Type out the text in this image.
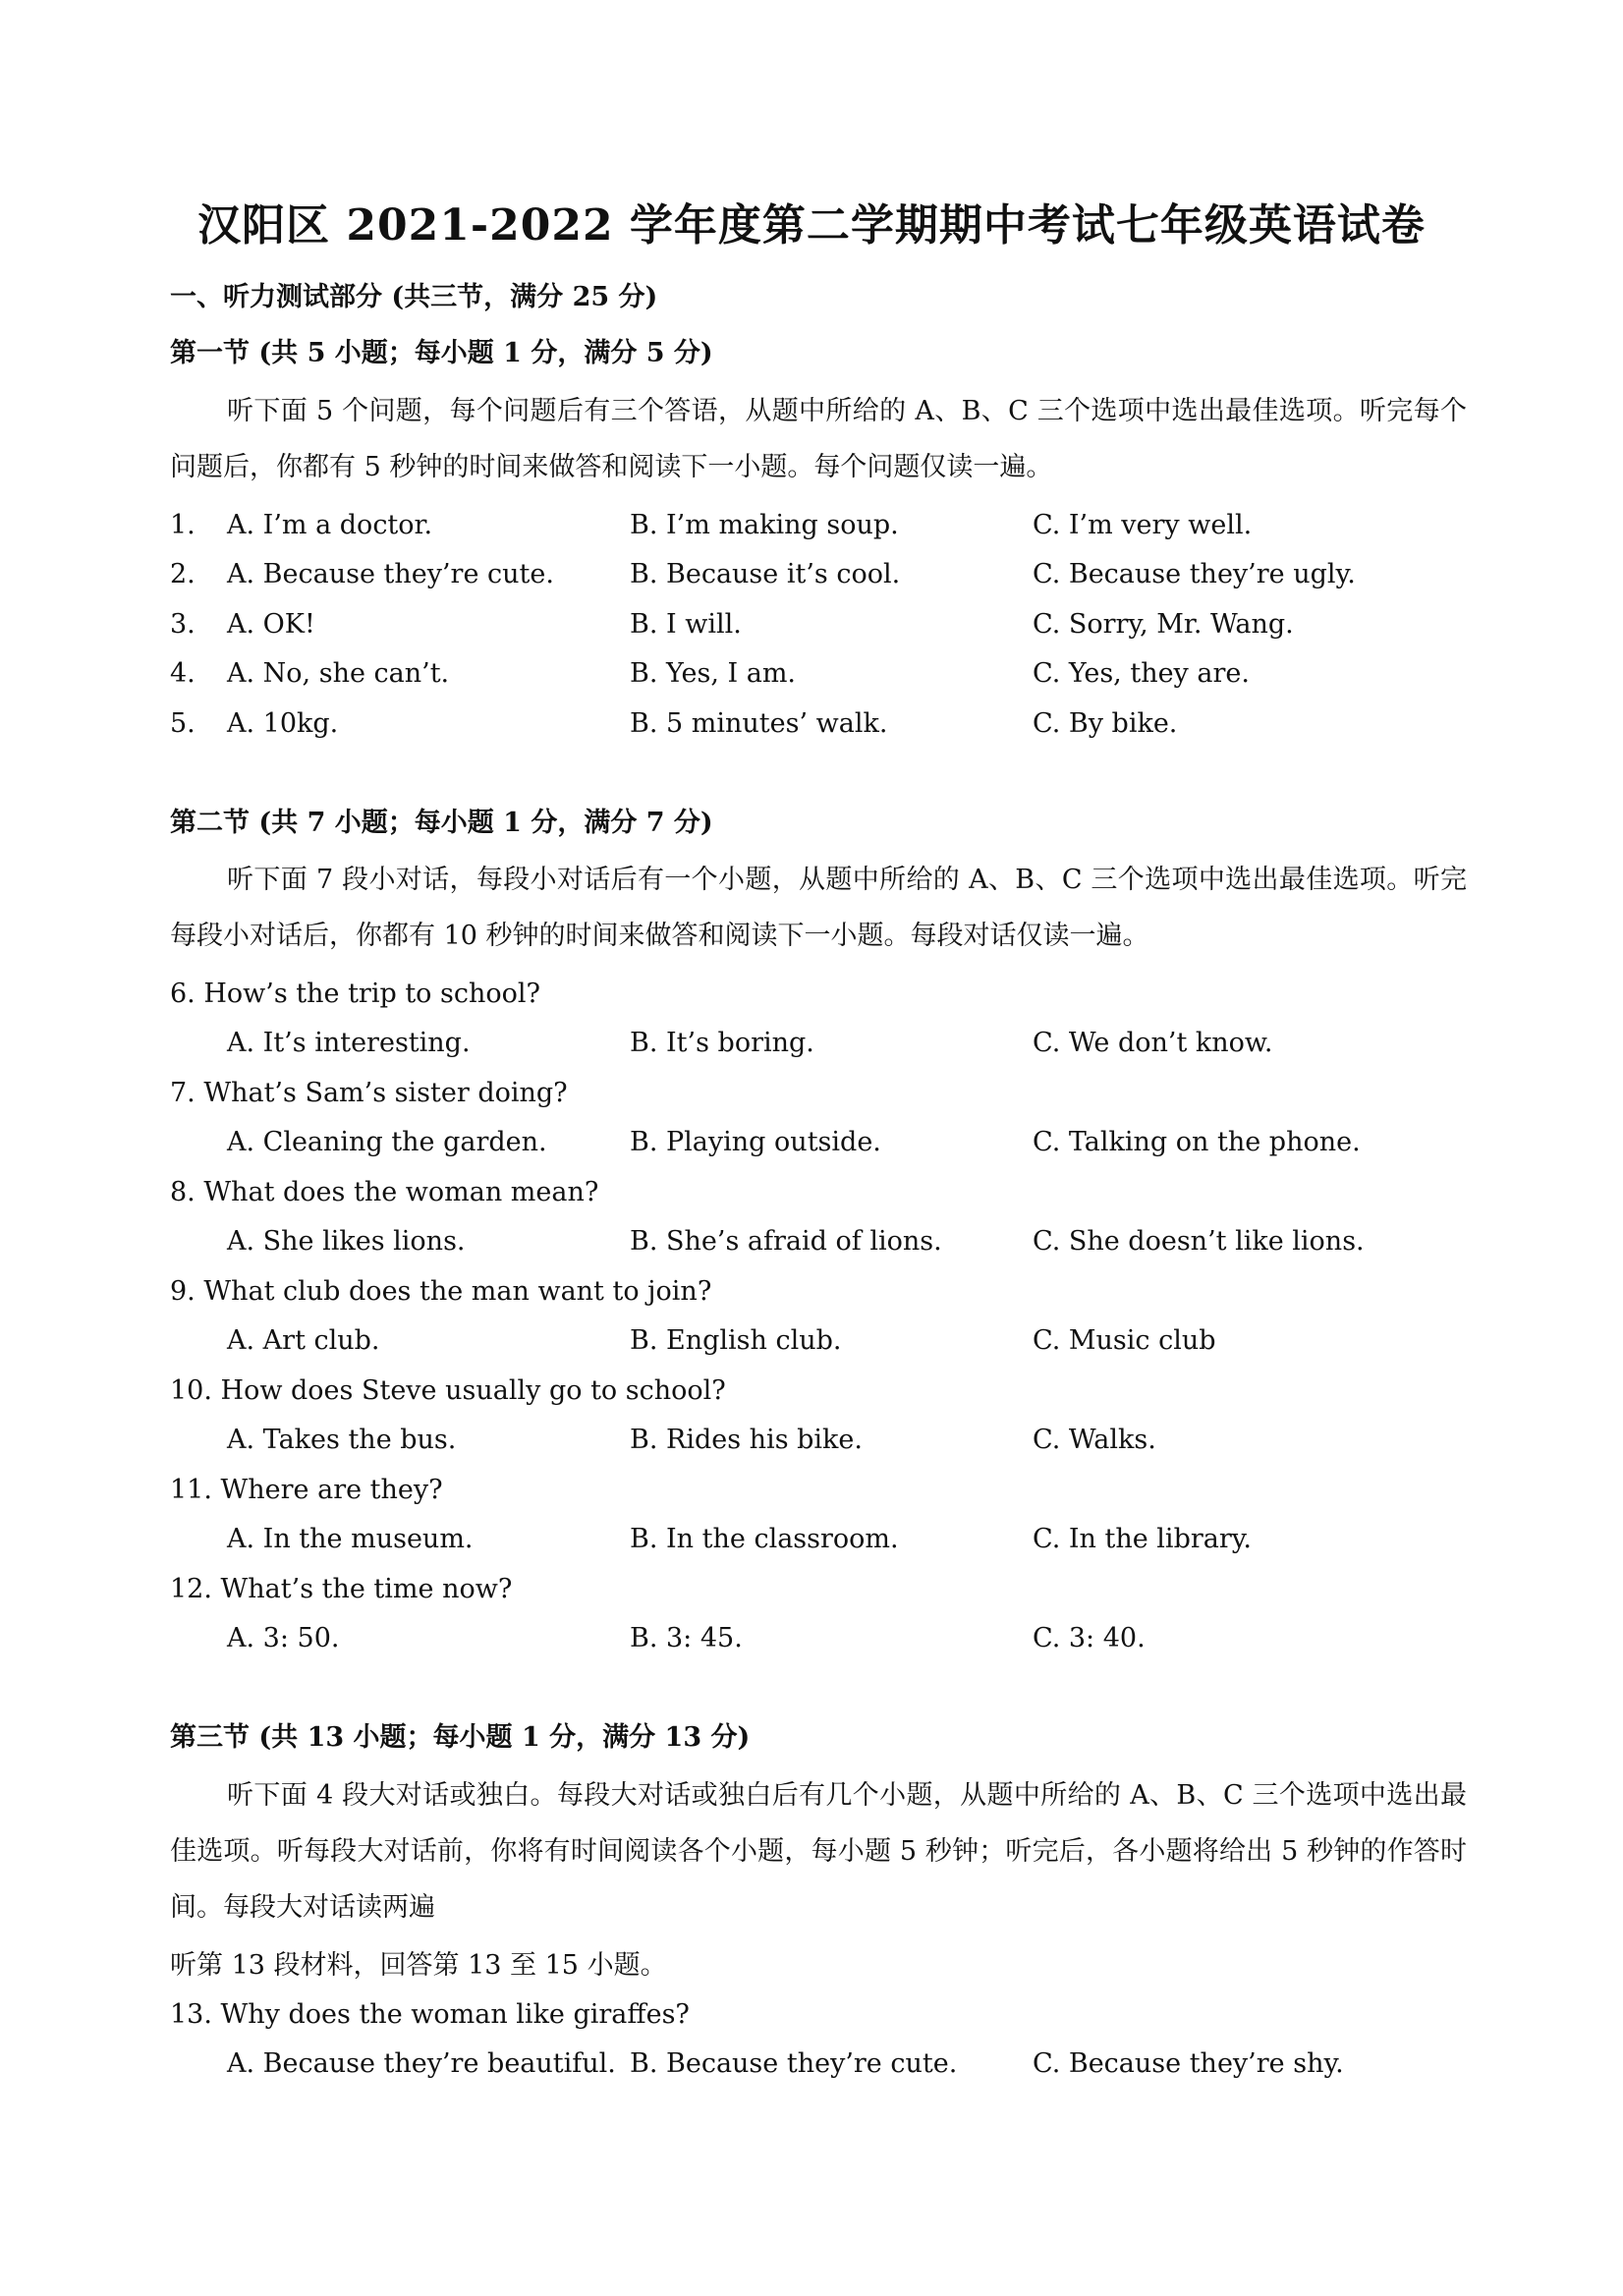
汉阳区 2021-2022 学年度第二学期期中考试七年级英语试卷
一、听力测试部分 (共三节，满分 25 分)
第一节 (共 5 小题；每小题 1 分，满分 5 分)
听下面 5 个问题，每个问题后有三个答语，从题中所给的 A、B、C 三个选项中选出最佳选项。听完每个问题后，你都有 5 秒钟的时间来做答和阅读下一小题。每个问题仅读一遍。
1. A. I’m a doctor.	B. I’m making soup.	C. I’m very well.
2. A. Because they’re cute.	B. Because it’s cool.	C. Because they’re ugly.
3. A. OK!	B. I will.	C. Sorry, Mr. Wang.
4. A. No, she can’t.	B. Yes, I am.	C. Yes, they are.
5. A. 10kg.	B. 5 minutes’ walk.	C. By bike.
第二节 (共 7 小题；每小题 1 分，满分 7 分)
听下面 7 段小对话，每段小对话后有一个小题，从题中所给的 A、B、C 三个选项中选出最佳选项。听完每段小对话后，你都有 10 秒钟的时间来做答和阅读下一小题。每段对话仅读一遍。
6. How’s the trip to school?
A. It’s interesting.	B. It’s boring.	C. We don’t know.
7. What’s Sam’s sister doing?
A. Cleaning the garden.	B. Playing outside.	C. Talking on the phone.
8. What does the woman mean?
A. She likes lions.	B. She’s afraid of lions.	C. She doesn’t like lions.
9. What club does the man want to join?
A. Art club.	B. English club.	C. Music club
10. How does Steve usually go to school?
A. Takes the bus.	B. Rides his bike.	C. Walks.
11. Where are they?
A. In the museum.	B. In the classroom.	C. In the library.
12. What’s the time now?
A. 3: 50.	B. 3: 45.	C. 3: 40.
第三节 (共 13 小题；每小题 1 分，满分 13 分)
听下面 4 段大对话或独白。每段大对话或独白后有几个小题，从题中所给的 A、B、C 三个选项中选出最佳选项。听每段大对话前，你将有时间阅读各个小题，每小题 5 秒钟；听完后，各小题将给出 5 秒钟的作答时间。每段大对话读两遍
听第 13 段材料，回答第 13 至 15 小题。
13. Why does the woman like giraffes?
A. Because they’re beautiful. B. Because they’re cute.	C. Because they’re shy.
